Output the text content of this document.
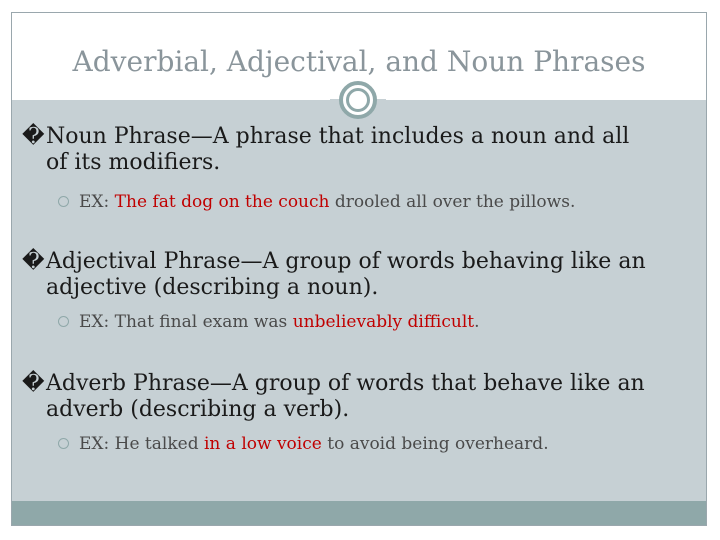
Adverbial, Adjectival, and Noun Phrases
�Noun Phrase—A phrase that includes a noun and all
of its modifiers.
EX: The fat dog on the couch drooled all over the pillows.
�Adjectival Phrase—A group of words behaving like an
adjective (describing a noun).
EX: That final exam was unbelievably difficult.
�Adverb Phrase—A group of words that behave like an
adverb (describing a verb).
EX: He talked in a low voice to avoid being overheard.
